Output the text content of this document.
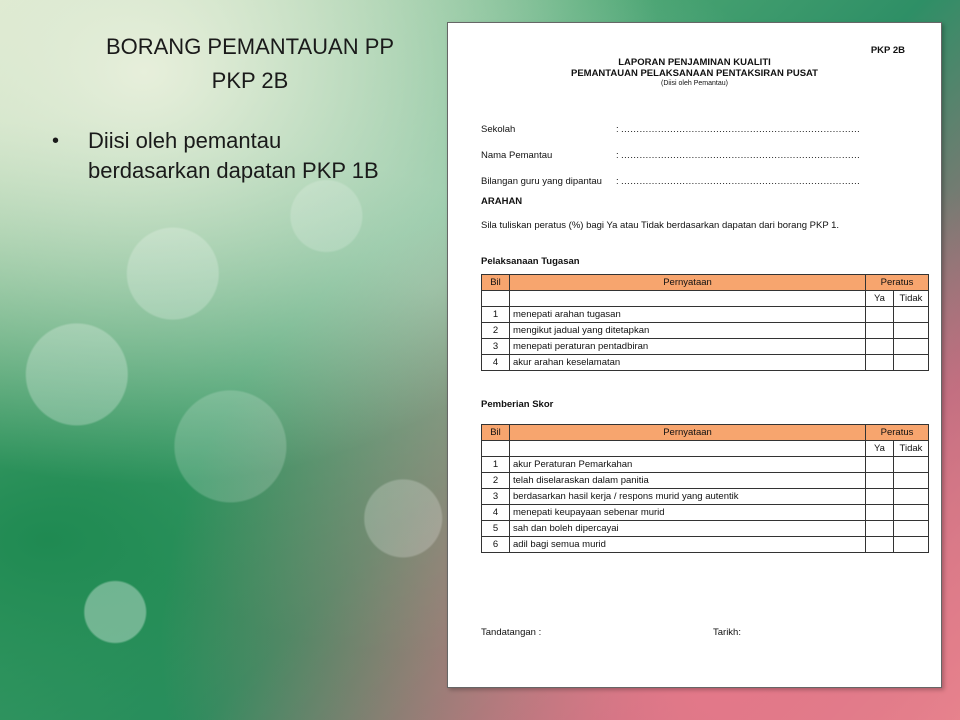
BORANG PEMANTAUAN PP
PKP 2B
•	Diisi oleh pemantau berdasarkan dapatan PKP 1B
PKP 2B
LAPORAN PENJAMINAN KUALITI
PEMANTAUAN PELAKSANAAN PENTAKSIRAN PUSAT
(Diisi oleh Pemantau)
Sekolah	: ……………………………………………………………………
Nama Pemantau	: ……………………………………………………………………
Bilangan guru yang dipantau : ……………………………………………………………………
ARAHAN
Sila tuliskan peratus (%) bagi Ya atau Tidak berdasarkan dapatan dari borang PKP 1.
Pelaksanaan Tugasan
Bil	Pernyataan	Peratus	
		Ya	Tidak
1	menepati arahan tugasan		
2	mengikut jadual yang ditetapkan		
3	menepati peraturan pentadbiran		
4	akur arahan keselamatan		
Pemberian Skor
Bil	Pernyataan	Peratus	
		Ya	Tidak
1	akur Peraturan Pemarkahan		
2	telah diselaraskan dalam panitia		
3	berdasarkan hasil kerja / respons murid yang autentik		
4	menepati keupayaan sebenar murid		
5	sah dan boleh dipercayai		
6	adil bagi semua murid		
Tandatangan :	Tarikh:
